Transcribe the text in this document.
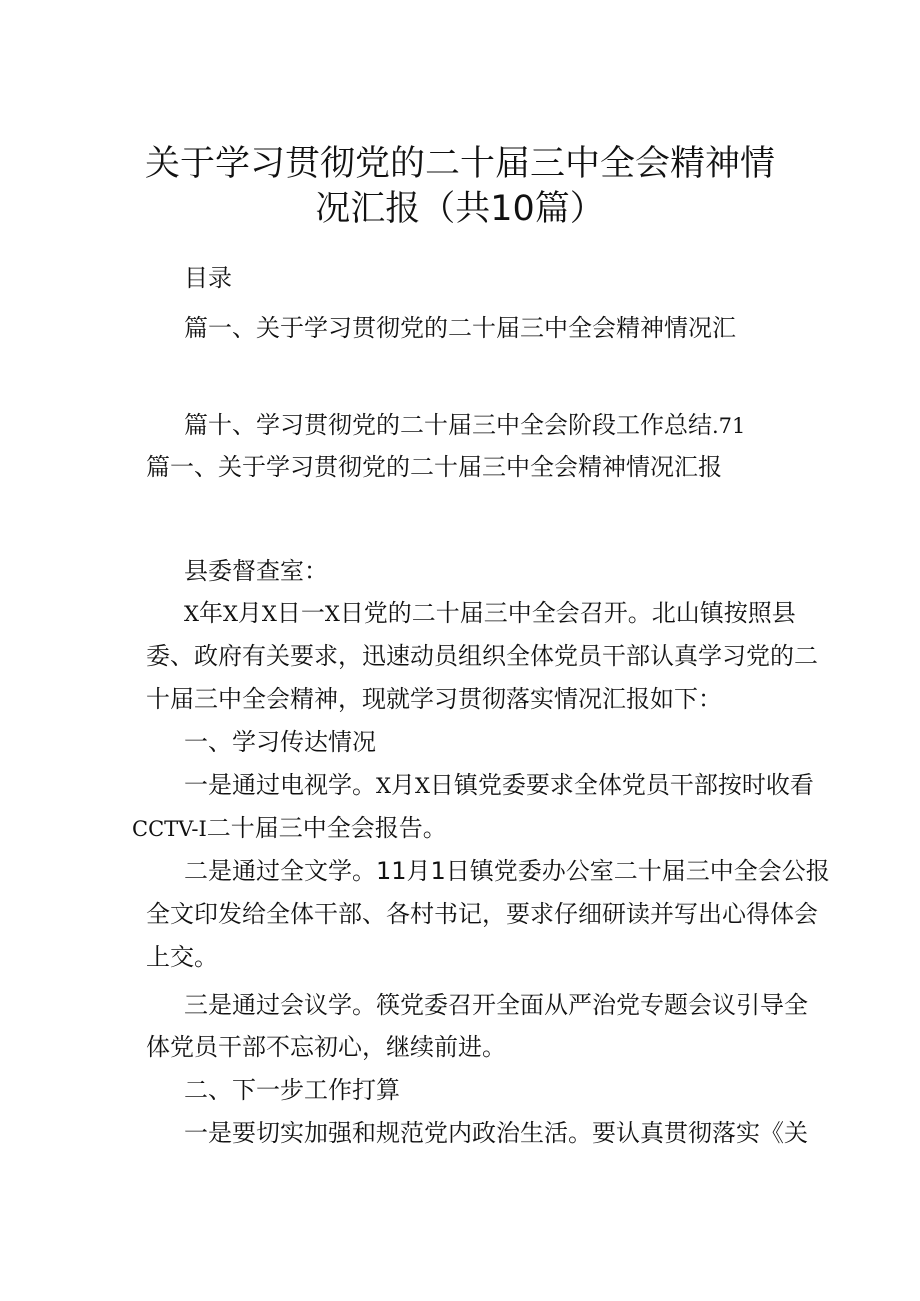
关于学习贯彻党的二十届三中全会精神情
况汇报（共10篇）
目录
篇一、关于学习贯彻党的二十届三中全会精神情况汇
篇十、学习贯彻党的二十届三中全会阶段工作总结.71
篇一、关于学习贯彻党的二十届三中全会精神情况汇报
县委督查室：
X年X月X日一X日党的二十届三中全会召开。北山镇按照县
委、政府有关要求，迅速动员组织全体党员干部认真学习党的二
十届三中全会精神，现就学习贯彻落实情况汇报如下：
一、学习传达情况
一是通过电视学。X月X日镇党委要求全体党员干部按时收看
CCTV-I二十届三中全会报告。
二是通过全文学。11月1日镇党委办公室二十届三中全会公报
全文印发给全体干部、各村书记，要求仔细研读并写出心得体会
上交。
三是通过会议学。筷党委召开全面从严治党专题会议引导全
体党员干部不忘初心，继续前进。
二、下一步工作打算
一是要切实加强和规范党内政治生活。要认真贯彻落实《关
